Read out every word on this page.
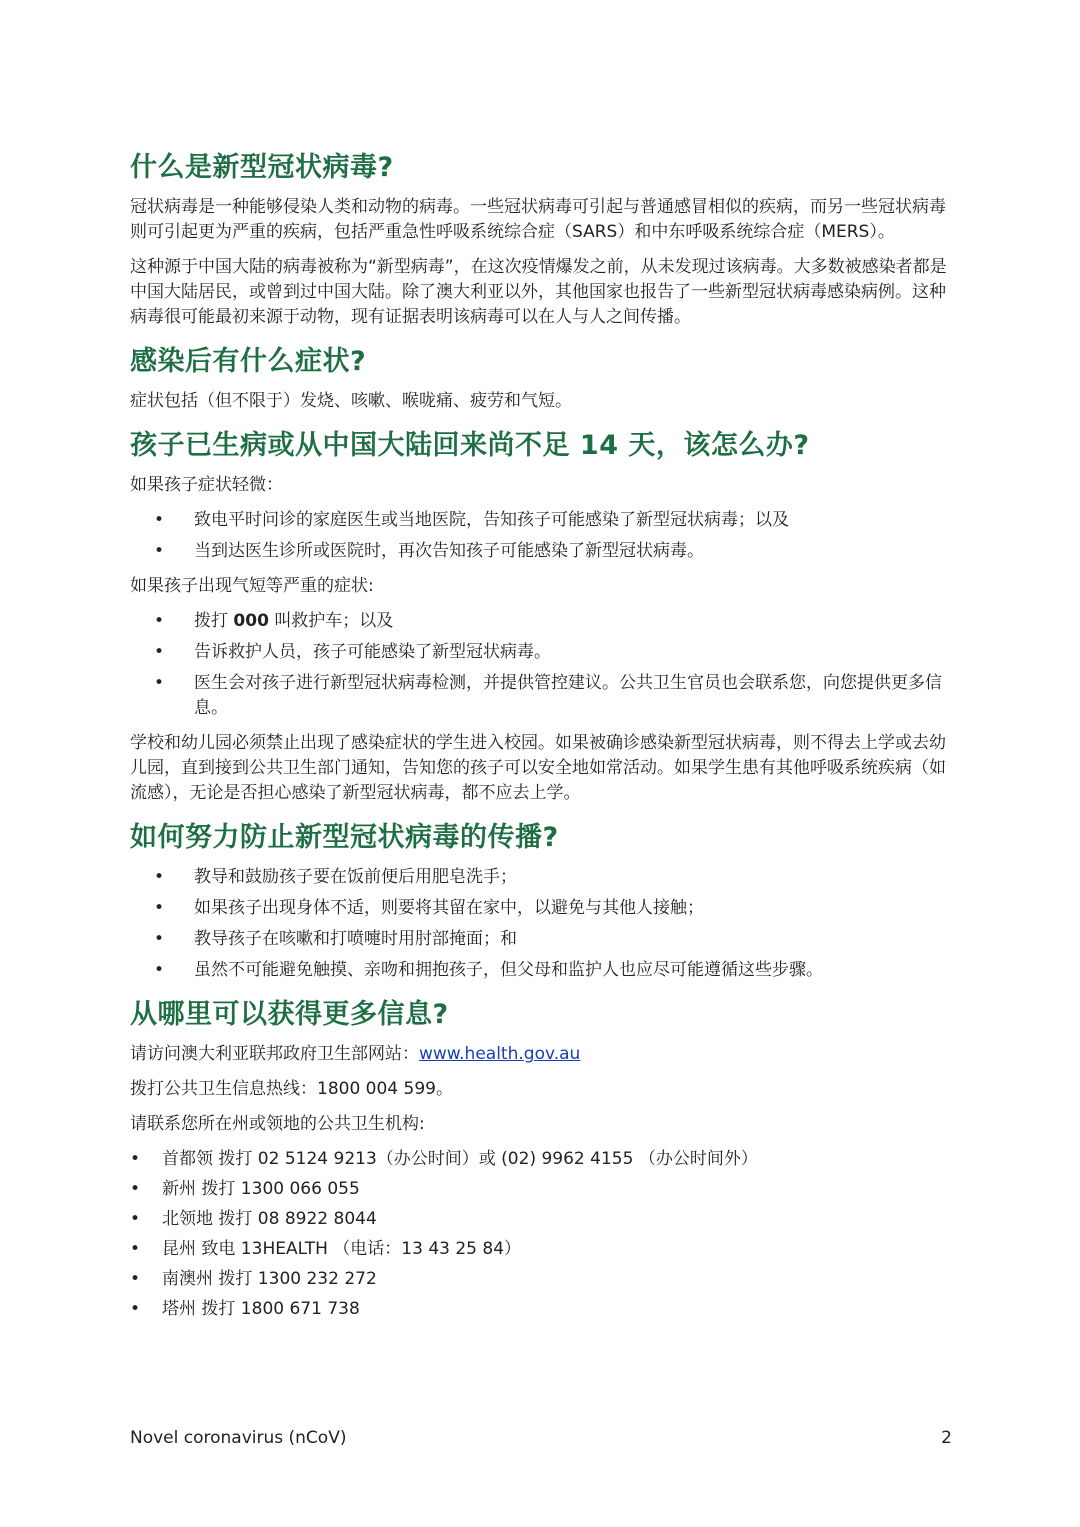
什么是新型冠状病毒?

冠状病毒是一种能够侵染人类和动物的病毒。一些冠状病毒可引起与普通感冒相似的疾病，而另一些冠状病毒则可引起更为严重的疾病，包括严重急性呼吸系统综合症（SARS）和中东呼吸系统综合症（MERS）。

这种源于中国大陆的病毒被称为“新型病毒”，在这次疫情爆发之前，从未发现过该病毒。大多数被感染者都是中国大陆居民，或曾到过中国大陆。除了澳大利亚以外，其他国家也报告了一些新型冠状病毒感染病例。这种病毒很可能最初来源于动物，现有证据表明该病毒可以在人与人之间传播。

感染后有什么症状?

症状包括（但不限于）发烧、咳嗽、喉咙痛、疲劳和气短。

孩子已生病或从中国大陆回来尚不足 14 天，该怎么办?

如果孩子症状轻微：

• 致电平时问诊的家庭医生或当地医院，告知孩子可能感染了新型冠状病毒；以及
• 当到达医生诊所或医院时，再次告知孩子可能感染了新型冠状病毒。

如果孩子出现气短等严重的症状:

• 拨打 000 叫救护车；以及
• 告诉救护人员，孩子可能感染了新型冠状病毒。
• 医生会对孩子进行新型冠状病毒检测，并提供管控建议。公共卫生官员也会联系您，向您提供更多信息。

学校和幼儿园必须禁止出现了感染症状的学生进入校园。如果被确诊感染新型冠状病毒，则不得去上学或去幼儿园，直到接到公共卫生部门通知，告知您的孩子可以安全地如常活动。如果学生患有其他呼吸系统疾病（如流感），无论是否担心感染了新型冠状病毒，都不应去上学。

如何努力防止新型冠状病毒的传播?
• 教导和鼓励孩子要在饭前便后用肥皂洗手；
• 如果孩子出现身体不适，则要将其留在家中，以避免与其他人接触；
• 教导孩子在咳嗽和打喷嚏时用肘部掩面；和
• 虽然不可能避免触摸、亲吻和拥抱孩子，但父母和监护人也应尽可能遵循这些步骤。
从哪里可以获得更多信息?

请访问澳大利亚联邦政府卫生部网站：www.health.gov.au

拨打公共卫生信息热线：1800 004 599。

请联系您所在州或领地的公共卫生机构:

• 首都领 拨打 02 5124 9213（办公时间）或 (02) 9962 4155 （办公时间外）
• 新州 拨打 1300 066 055
• 北领地 拨打 08 8922 8044
• 昆州 致电 13HEALTH （电话：13 43 25 84）
• 南澳州 拨打 1300 232 272
• 塔州 拨打 1800 671 738
Novel coronavirus (nCoV)	2
